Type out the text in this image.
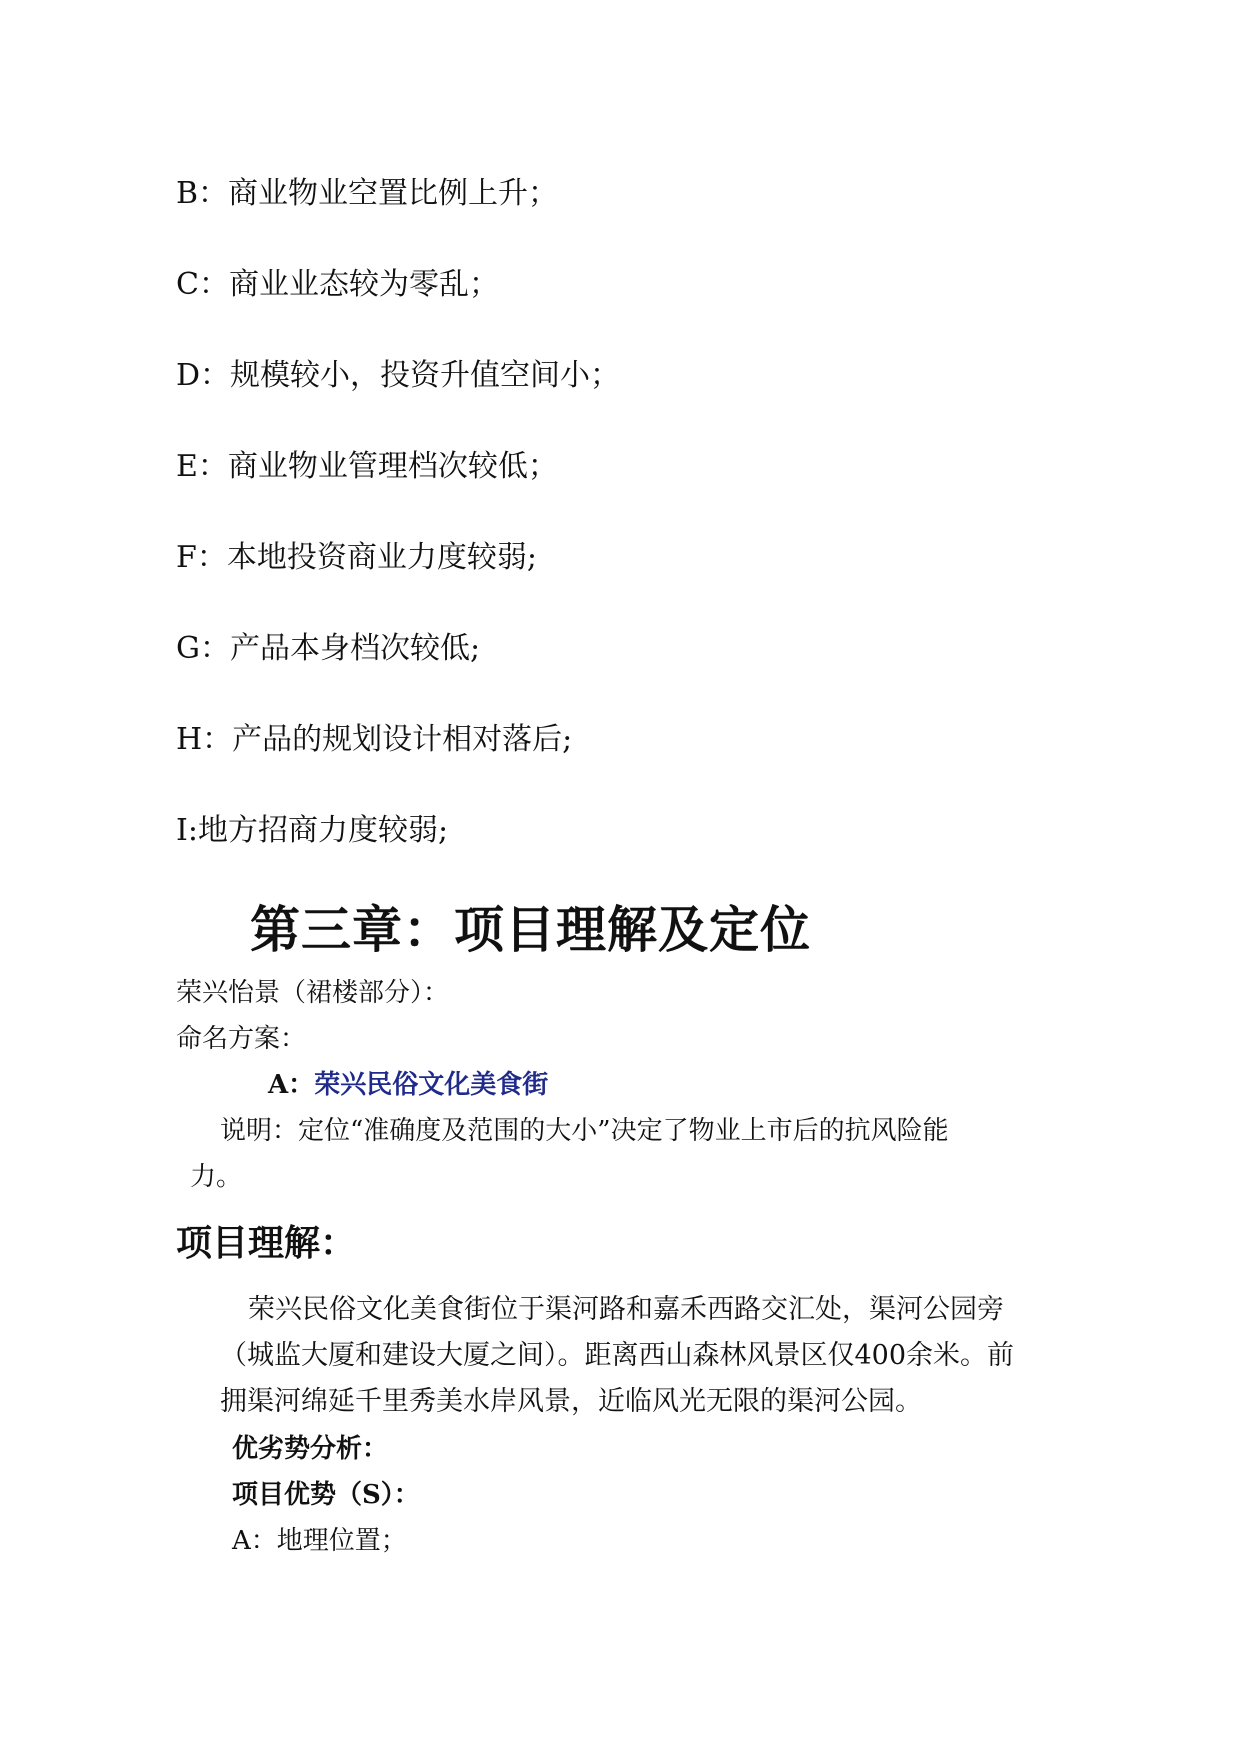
B：商业物业空置比例上升；
C：商业业态较为零乱；
D：规模较小，投资升值空间小；
E：商业物业管理档次较低；
F：本地投资商业力度较弱;
G：产品本身档次较低;
H：产品的规划设计相对落后;
I:地方招商力度较弱;
第三章：项目理解及定位
荣兴怡景（裙楼部分）：
命名方案：
A：荣兴民俗文化美食街
说明：定位“准确度及范围的大小”决定了物业上市后的抗风险能
力。
项目理解：
荣兴民俗文化美食街位于渠河路和嘉禾西路交汇处，渠河公园旁
（城监大厦和建设大厦之间）。距离西山森林风景区仅400余米。前
拥渠河绵延千里秀美水岸风景，近临风光无限的渠河公园。
优劣势分析：
项目优势（S）：
A：地理位置；
